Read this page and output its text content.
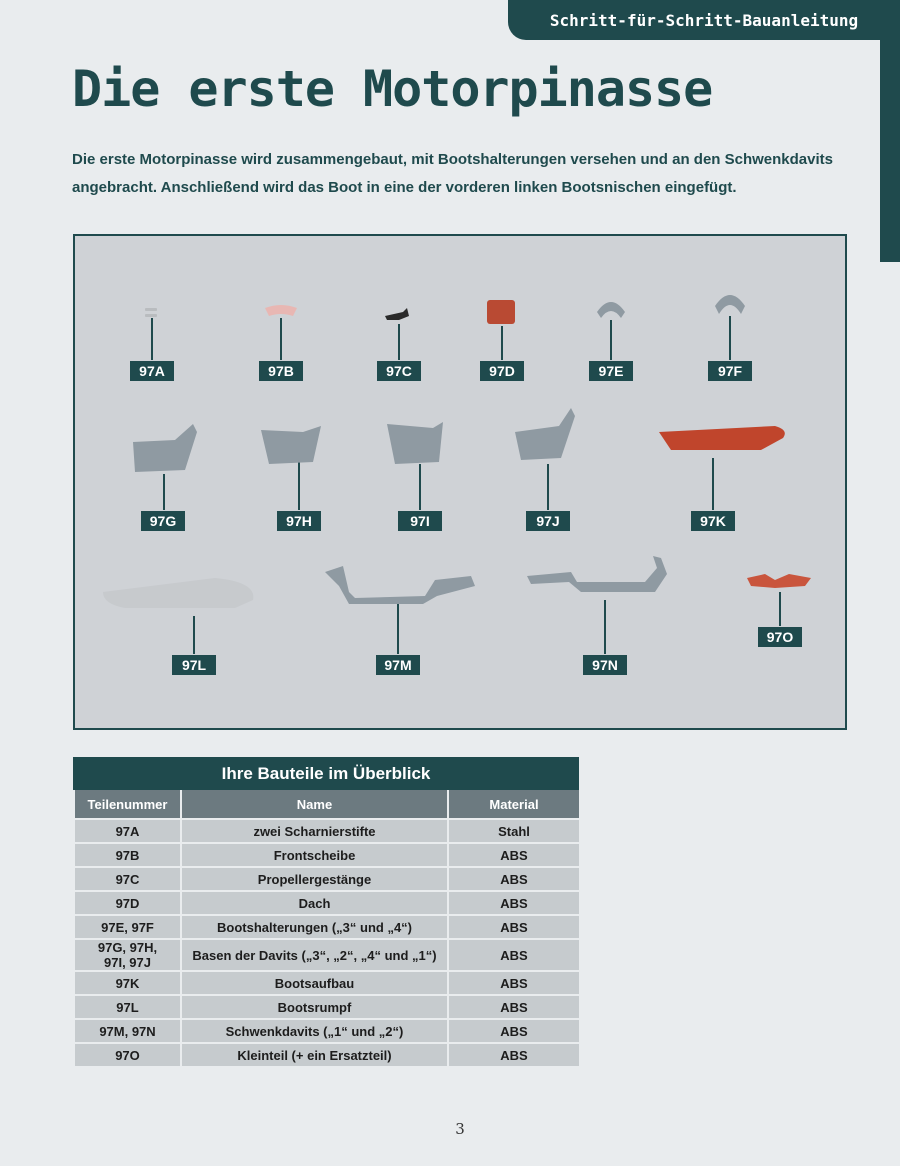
Schritt-für-Schritt-Bauanleitung
Die erste Motorpinasse

Die erste Motorpinasse wird zusammengebaut, mit Bootshalterungen versehen und an den Schwenkdavits angebracht. Anschließend wird das Boot in eine der vorderen linken Bootsnischen eingefügt.

97A	97B	97C	97D	97E	97F
97G	97H	97I	97J	97K
97L	97M	97N
97O
Ihre Bauteile im Überblick
Teilenummer	Name	Material
97A	zwei Scharnierstifte	Stahl
97B	Frontscheibe	ABS
97C	Propellergestänge	ABS
97D	Dach	ABS
97E, 97F	Bootshalterungen („3“ und „4“)	ABS
97G, 97H,
97I, 97J	Basen der Davits („3“, „2“, „4“ und „1“)	ABS
97K	Bootsaufbau	ABS
97L	Bootsrumpf	ABS
97M, 97N	Schwenkdavits („1“ und „2“)	ABS
97O	Kleinteil (+ ein Ersatzteil)	ABS
3
